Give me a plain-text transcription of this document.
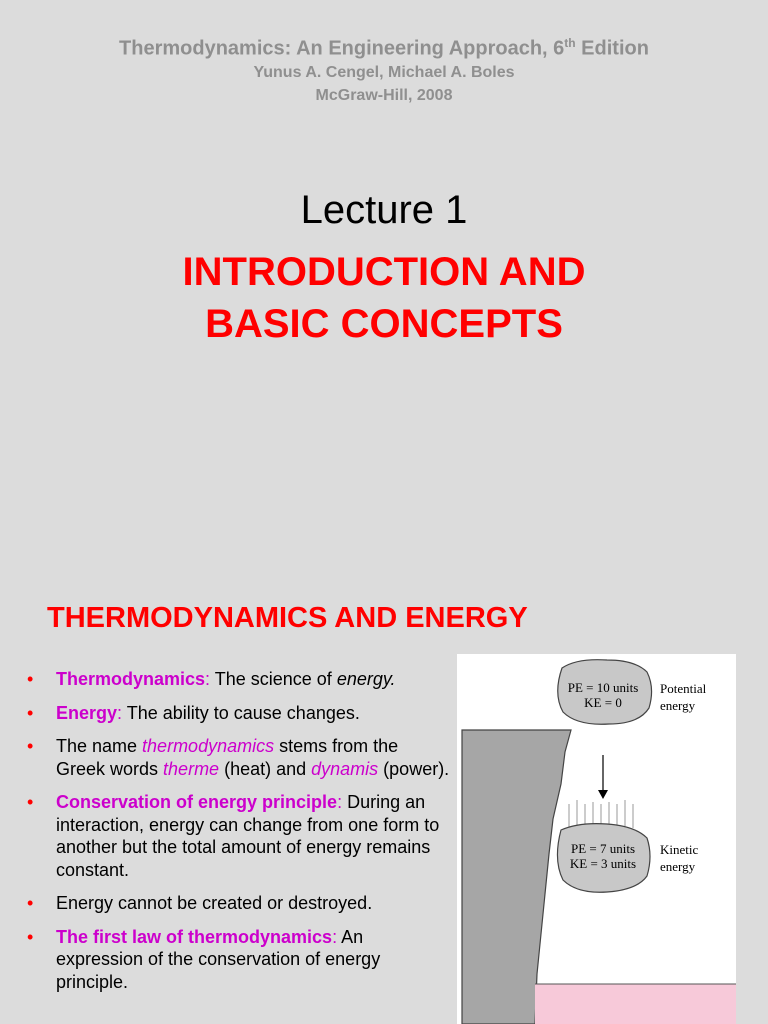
Thermodynamics: An Engineering Approach, 6th Edition
Yunus A. Cengel, Michael A. Boles
McGraw-Hill, 2008
Lecture 1
INTRODUCTION AND
BASIC CONCEPTS
THERMODYNAMICS AND ENERGY
• Thermodynamics: The science of energy.
• Energy: The ability to cause changes.
• The name thermodynamics stems from the Greek words therme (heat) and dynamis (power).
• Conservation of energy principle: During an interaction, energy can change from one form to another but the total amount of energy remains constant.
• Energy cannot be created or destroyed.
• The first law of thermodynamics: An expression of the conservation of energy principle.
PE = 10 units
KE = 0
Potential
energy
PE = 7 units
KE = 3 units
Kinetic
energy
